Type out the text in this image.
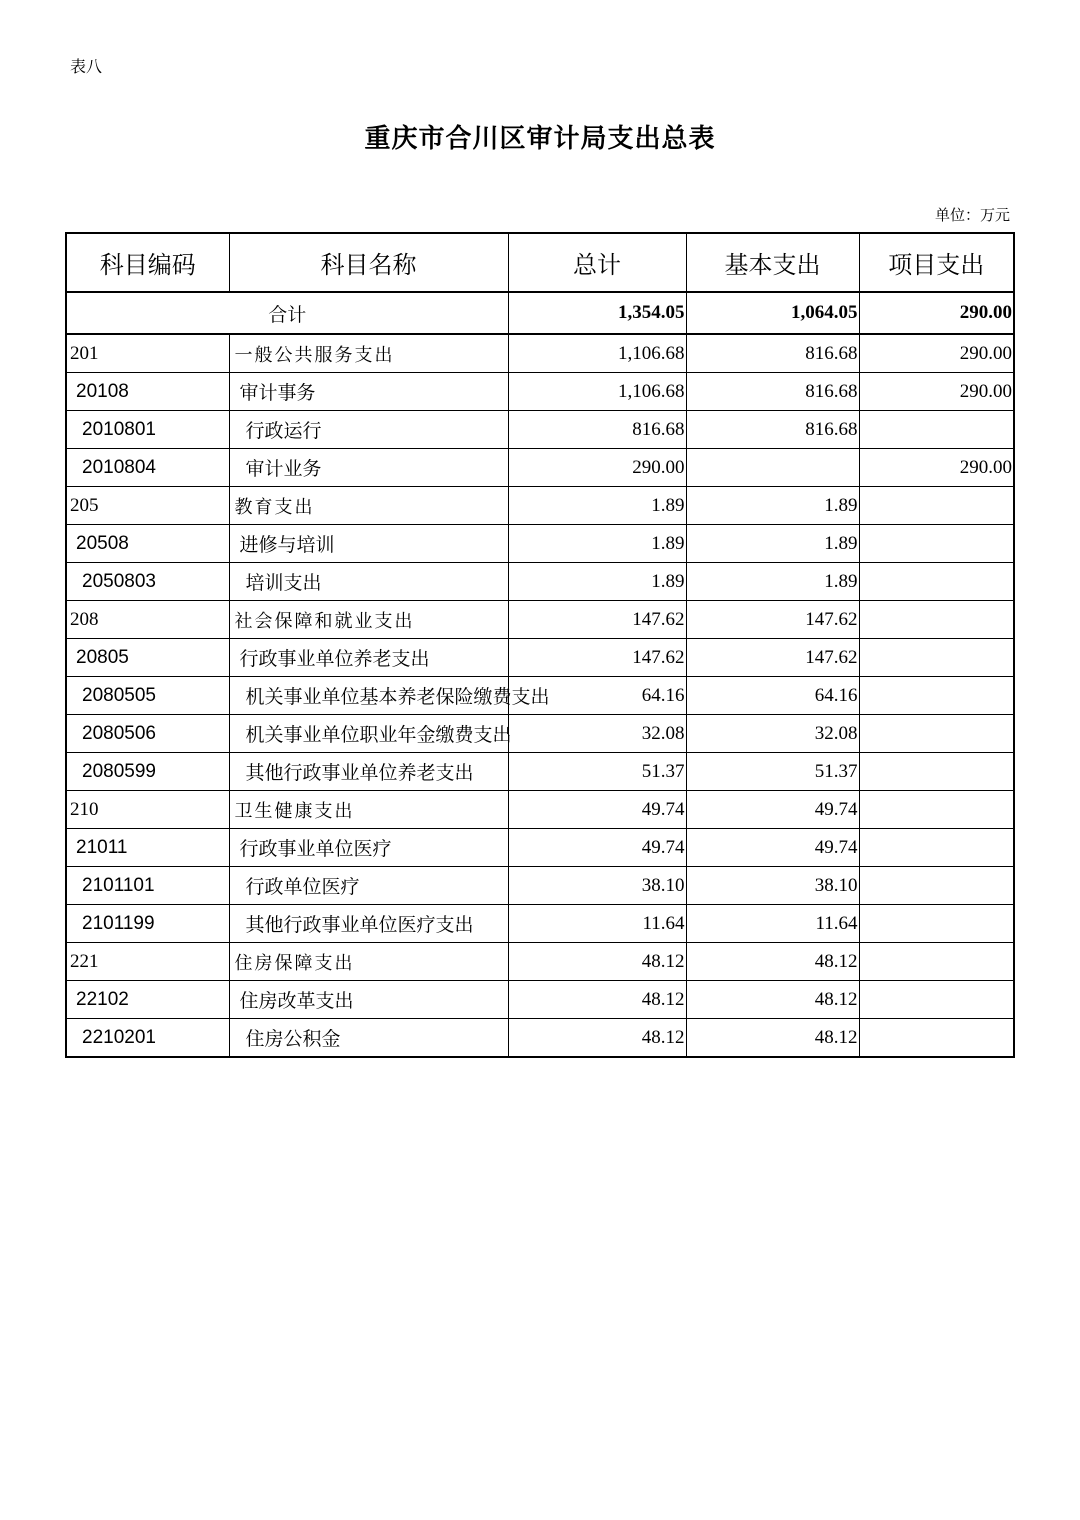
表八
重庆市合川区审计局支出总表
单位：万元
科目编码	科目名称	总计	基本支出	项目支出
合计		1,354.05	1,064.05	290.00
201	一般公共服务支出	1,106.68	816.68	290.00
20108	审计事务	1,106.68	816.68	290.00
2010801	行政运行	816.68	816.68	
2010804	审计业务	290.00		290.00
205	教育支出	1.89	1.89	
20508	进修与培训	1.89	1.89	
2050803	培训支出	1.89	1.89	
208	社会保障和就业支出	147.62	147.62	
20805	行政事业单位养老支出	147.62	147.62	
2080505	机关事业单位基本养老保险缴费支出	64.16	64.16	
2080506	机关事业单位职业年金缴费支出	32.08	32.08	
2080599	其他行政事业单位养老支出	51.37	51.37	
210	卫生健康支出	49.74	49.74	
21011	行政事业单位医疗	49.74	49.74	
2101101	行政单位医疗	38.10	38.10	
2101199	其他行政事业单位医疗支出	11.64	11.64	
221	住房保障支出	48.12	48.12	
22102	住房改革支出	48.12	48.12	
2210201	住房公积金	48.12	48.12	
